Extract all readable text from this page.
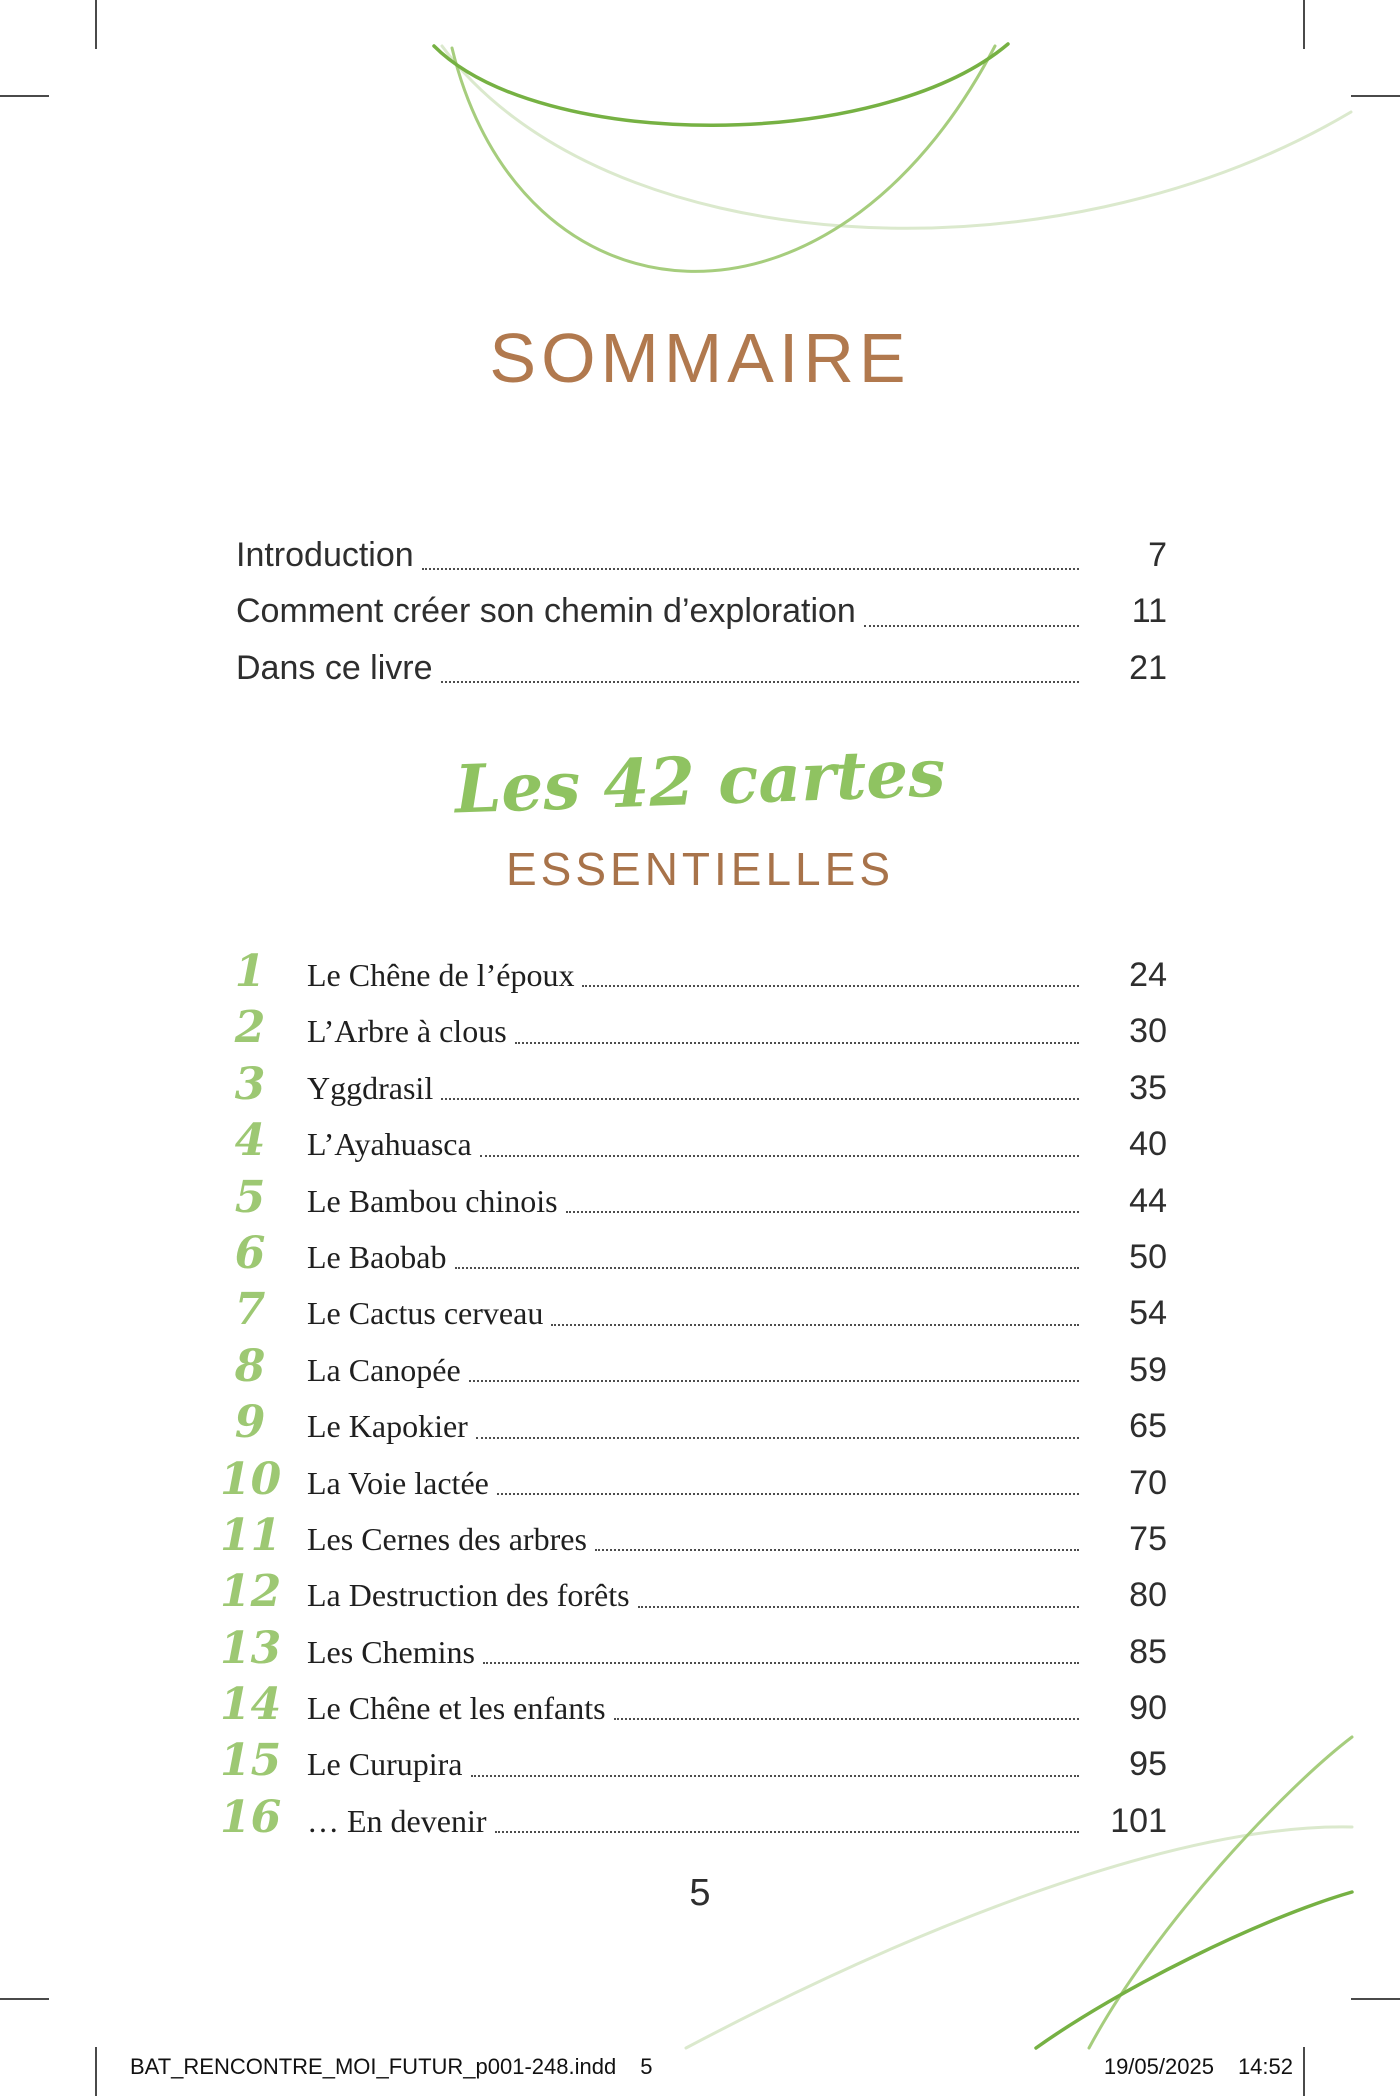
SOMMAIRE
Introduction	7
Comment créer son chemin d’exploration	11
Dans ce livre	21
Les 42 cartes
ESSENTIELLES
1	Le Chêne de l’époux	24
2	L’Arbre à clous	30
3	Yggdrasil	35
4	L’Ayahuasca	40
5	Le Bambou chinois	44
6	Le Baobab	50
7	Le Cactus cerveau	54
8	La Canopée	59
9	Le Kapokier	65
10 La Voie lactée	70
11 Les Cernes des arbres	75
12 La Destruction des forêts	80
13 Les Chemins	85
14 Le Chêne et les enfants	90
15 Le Curupira	95
16 … En devenir	101
5
BAT_RENCONTRE_MOI_FUTUR_p001-248.indd 5	19/05/2025 14:52
